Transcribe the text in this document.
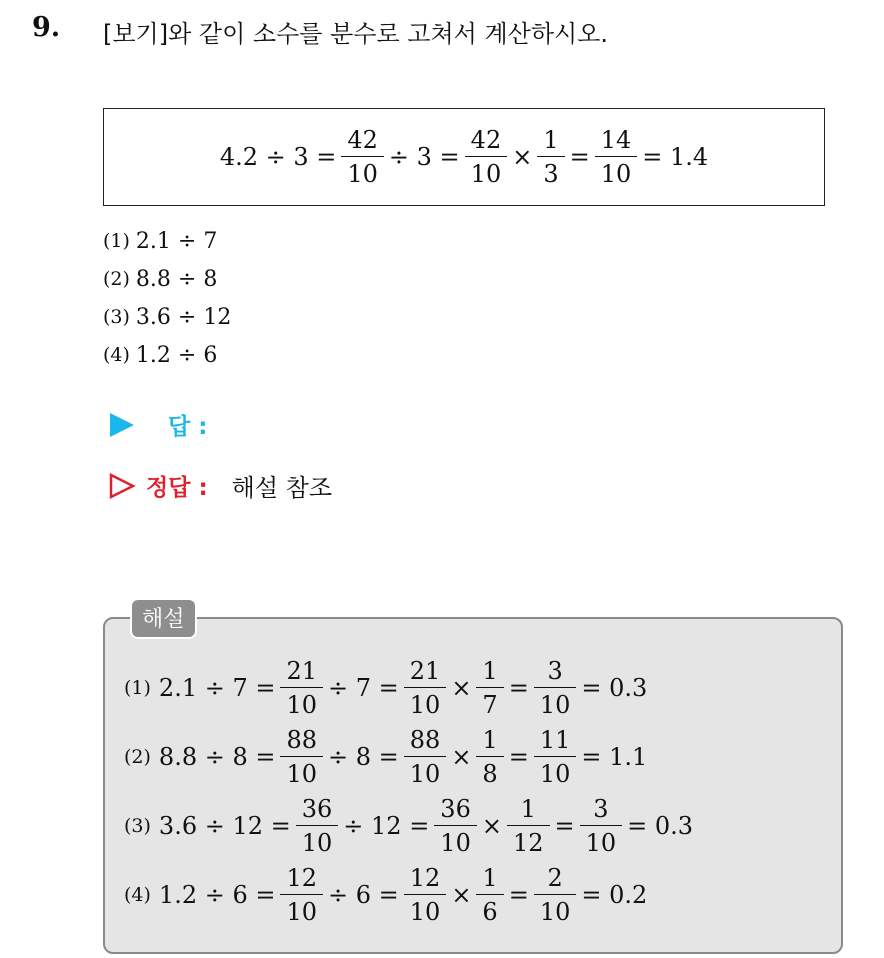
9. [보기]와 같이 소수를 분수로 고쳐서 계산하시오.
$4.2 \div 3 = \frac{42}{10} \div 3 = \frac{42}{10} \times \frac{1}{3} = \frac{14}{10} = 1.4$
(1) 2.1 ÷ 7
(2) 8.8 ÷ 8
(3) 3.6 ÷ 12
(4) 1.2 ÷ 6
답 :
정답 : 해설 참조
해설
(1) $2.1 \div 7 = \frac{21}{10} \div 7 = \frac{21}{10} \times \frac{1}{7} = \frac{3}{10} = 0.3$
(2) $8.8 \div 8 = \frac{88}{10} \div 8 = \frac{88}{10} \times \frac{1}{8} = \frac{11}{10} = 1.1$
(3) $3.6 \div 12 = \frac{36}{10} \div 12 = \frac{36}{10} \times \frac{1}{12} = \frac{3}{10} = 0.3$
(4) $1.2 \div 6 = \frac{12}{10} \div 6 = \frac{12}{10} \times \frac{1}{6} = \frac{2}{10} = 0.2$
